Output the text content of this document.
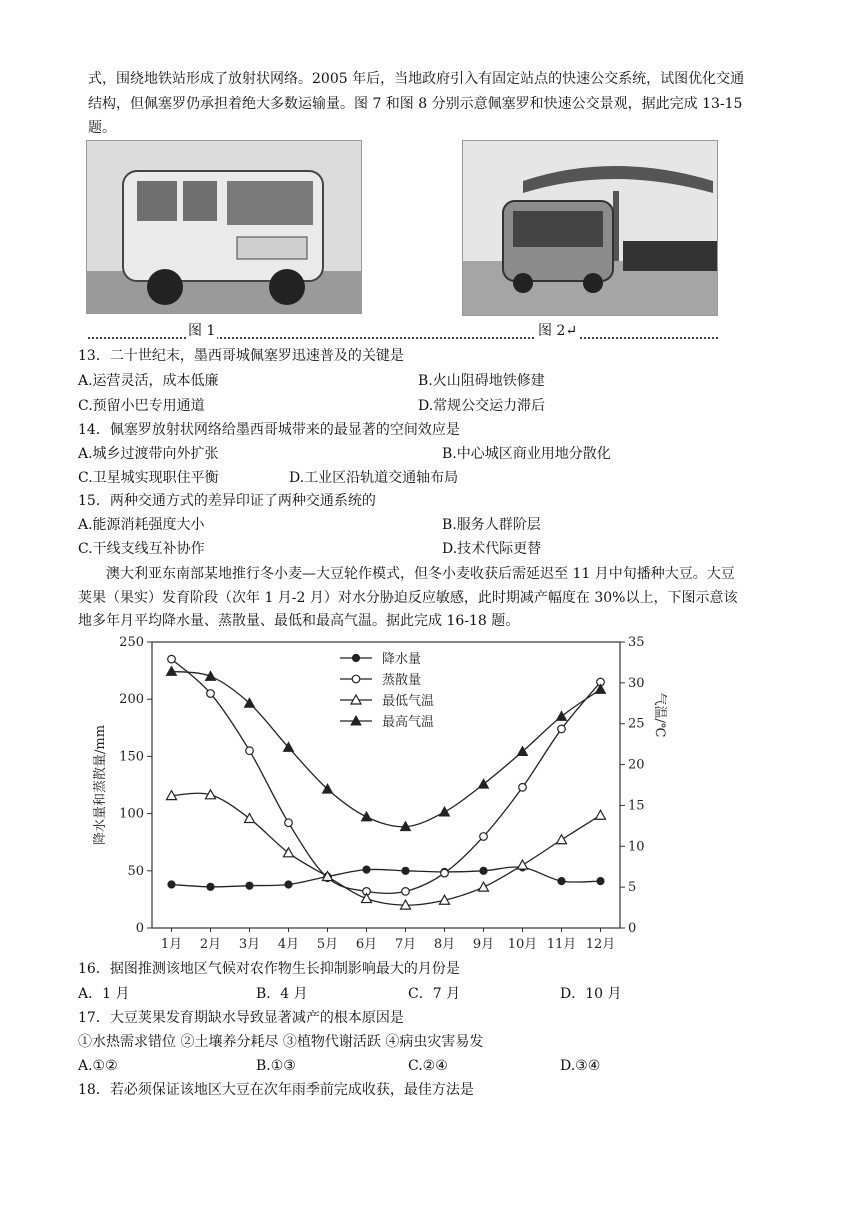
式，围绕地铁站形成了放射状网络。2005 年后，当地政府引入有固定站点的快速公交系统，试图优化交通
结构，但佩塞罗仍承担着绝大多数运输量。图 7 和图 8 分别示意佩塞罗和快速公交景观，据此完成 13-15
题。
图 1	图 2↵
13．二十世纪末，墨西哥城佩塞罗迅速普及的关键是
A.运营灵活，成本低廉	B.火山阻碍地铁修建
C.预留小巴专用通道	D.常规公交运力滞后
14．佩塞罗放射状网络给墨西哥城带来的最显著的空间效应是
A.城乡过渡带向外扩张	B.中心城区商业用地分散化
C.卫星城实现职住平衡	D.工业区沿轨道交通轴布局
15．两种交通方式的差异印证了两种交通系统的
A.能源消耗强度大小	B.服务人群阶层
C.干线支线互补协作	D.技术代际更替
澳大利亚东南部某地推行冬小麦—大豆轮作模式，但冬小麦收获后需延迟至 11 月中旬播种大豆。大豆
荚果（果实）发育阶段（次年 1 月-2 月）对水分胁迫反应敏感，此时期减产幅度在 30%以上，下图示意该
地多年月平均降水量、蒸散量、最低和最高气温。据此完成 16-18 题。
0
50
100
150
200
250
0
5
10
15
20
25
30
35
1月 2月 3月 4月 5月 6月 7月 8月 9月 10月 11月 12月
降水量和蒸散量/mm
气温/℃
降水量
蒸散量
最低气温
最高气温
16．据图推测该地区气候对农作物生长抑制影响最大的月份是
A．1 月	B．4 月	C．7 月	D．10 月
17．大豆荚果发育期缺水导致显著减产的根本原因是
①水热需求错位 ②土壤养分耗尽 ③植物代谢活跃 ④病虫灾害易发
A.①②	B.①③	C.②④	D.③④
18．若必须保证该地区大豆在次年雨季前完成收获，最佳方法是
